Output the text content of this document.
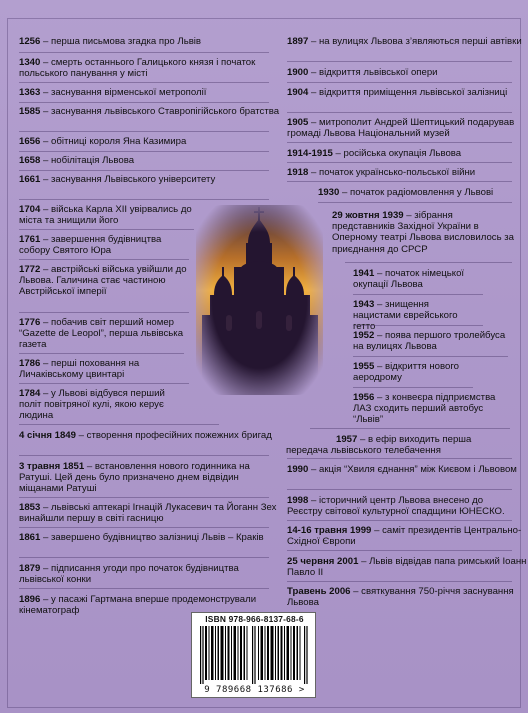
1256 – перша письмова згадка про Львів

1340 – смерть останнього Галицького князя і початок польського панування у місті

1363 – заснування вірменської метрополії

1585 – заснування львівського Ставропігійського братства

1656 – обітниці короля Яна Казимира

1658 – нобілітація Львова

1661 – заснування Львівського університету

1704 – війська Карла XII увірвались до міста та знищили його

1761 – завершення будівництва собору Святого Юра

1772 – австрійські війська увійшли до Львова. Галичина стає частиною Австрійської імперії

1776 – побачив світ перший номер “Gazette de Leopol”, перша львівська газета

1786 – перші поховання на Личаківському цвинтарі

1784 – у Львові відбувся перший політ повітряної кулі, якою керує людина

4 січня 1849 – створення професійних пожежних бригад

3 травня 1851 – встановлення нового годинника на Ратуші. Цей день було призначено днем відвідин міщанами Ратуші

1853 – львівські аптекарі Ігнацій Лукасевич та Йоганн Зех винайшли першу в світі гасницю

1861 – завершено будівництво залізниці Львів – Краків

1879 – підписання угоди про початок будівництва львівської конки

1896 – у пасажі Гартмана вперше продемонстрували кінематограф

1897 – на вулицях Львова з’являються перші автівки

1900 – відкриття львівської опери

1904 – відкриття приміщення львівської залізниці

1905 – митрополит Андрей Шептицький подарував громаді Львова Національний музей

1914-1915 – російська окупація Львова

1918 – початок українсько-польської війни

1930 – початок радіомовлення у Львові

29 жовтня 1939 – зібрання представників Західної України в Оперному театрі Львова висловилось за приєднання до СРСР

1941 – початок німецької окупації Львова

1943 – знищення нацистами єврейського гетто

1952 – поява першого тролейбуса на вулицях Львова

1955 – відкриття нового аеродрому

1956 – з конвеєра підприємства ЛАЗ сходить перший автобус “Львів”

1957 – в ефір виходить перша передача львівського телебачення

1990 – акція “Хвиля єднання” між Києвом і Львовом

1998 – історичний центр Львова внесено до Реєстру світової культурної спадщини ЮНЕСКО.

14-16 травня 1999 – саміт президентів Центрально-Східної Європи

25 червня 2001 – Львів відвідав папа римський Іоанн Павло II

Травень 2006 – святкування 750-річчя заснування Львова

ISBN 978-966-8137-68-6
9 789668 137686 >
